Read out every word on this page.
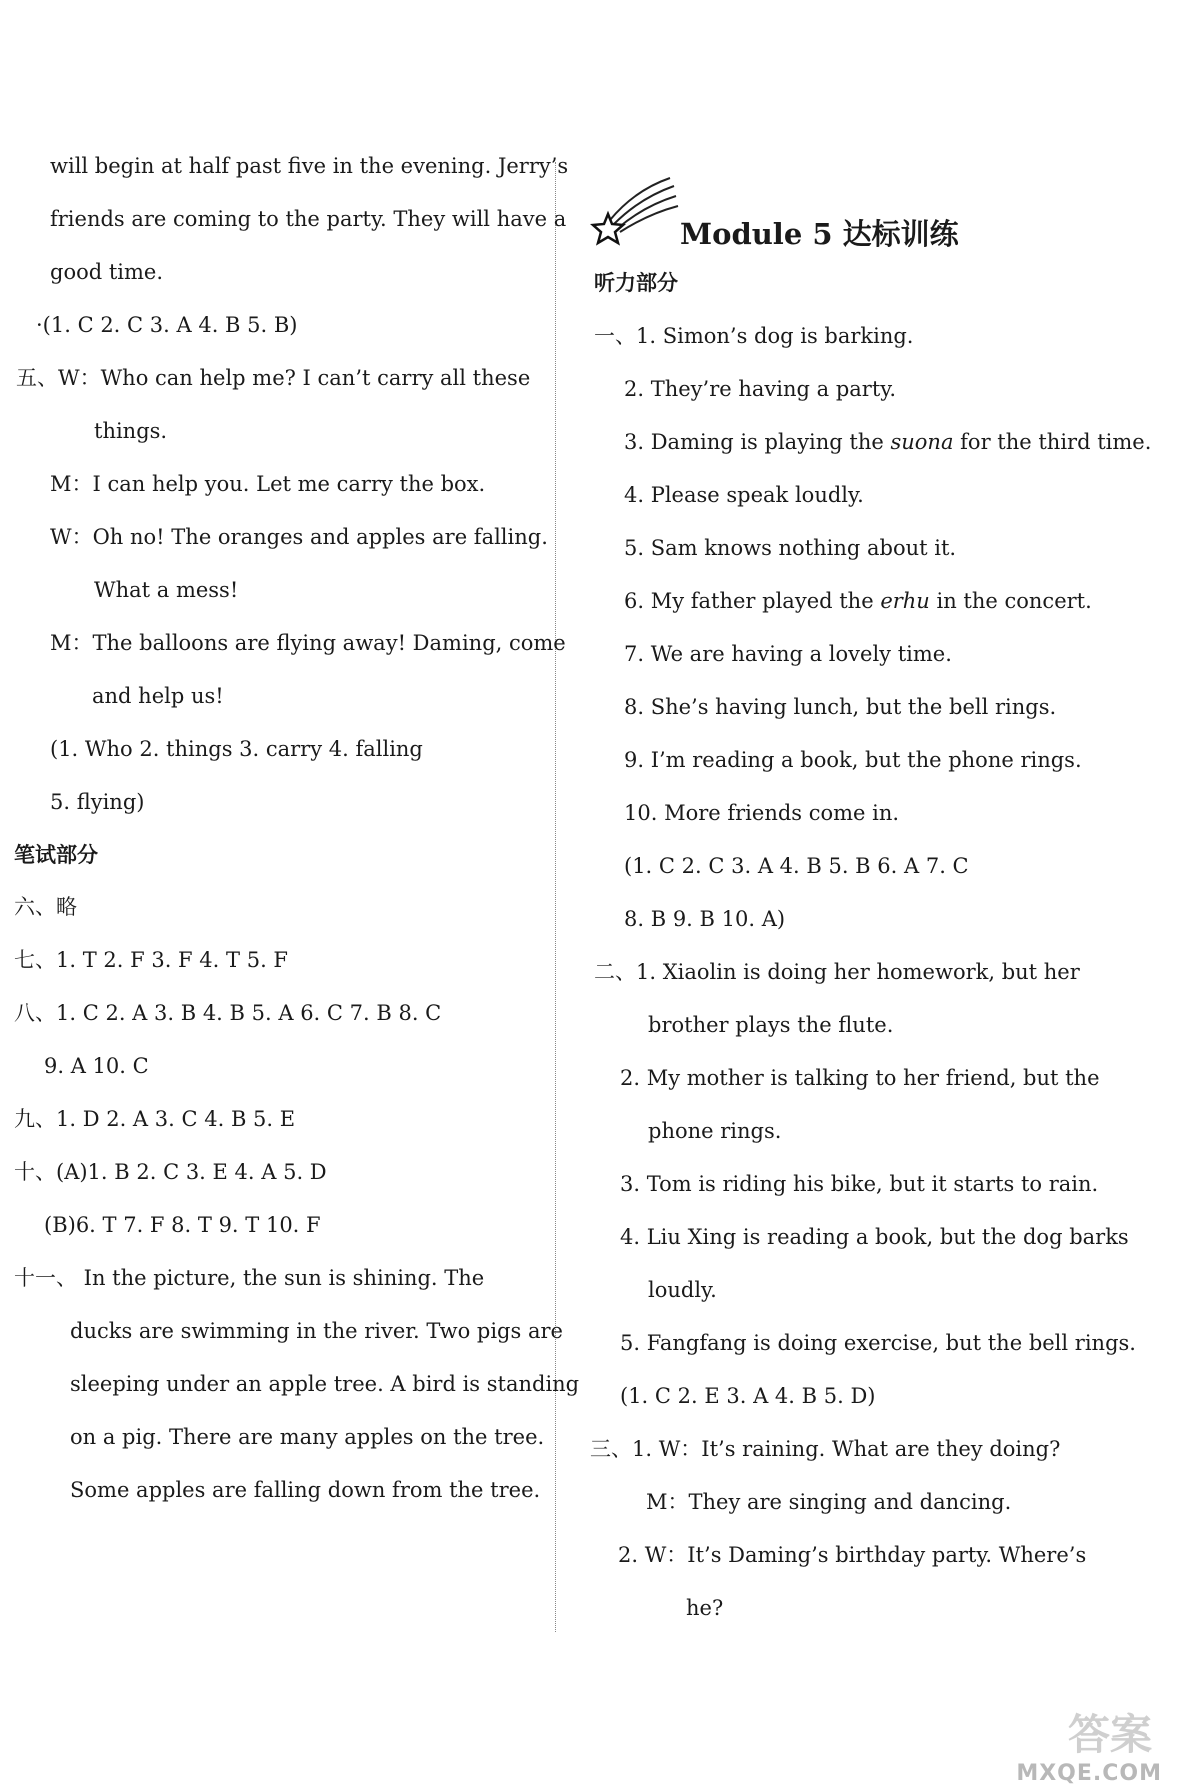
will begin at half past five in the evening. Jerry’s
friends are coming to the party. They will have a
good time.
·(1. C 2. C 3. A 4. B 5. B)
五、W：Who can help me? I can’t carry all these
things.
M：I can help you. Let me carry the box.
W：Oh no! The oranges and apples are falling.
What a mess!
M：The balloons are flying away! Daming, come
and help us!
(1. Who 2. things 3. carry 4. falling
5. flying)
笔试部分
六、略
七、1. T 2. F 3. F 4. T 5. F
八、1. C 2. A 3. B 4. B 5. A 6. C 7. B 8. C
9. A 10. C
九、1. D 2. A 3. C 4. B 5. E
十、(A)1. B 2. C 3. E 4. A 5. D
(B)6. T 7. F 8. T 9. T 10. F
十一、 In the picture, the sun is shining. The
ducks are swimming in the river. Two pigs are
sleeping under an apple tree. A bird is standing
on a pig. There are many apples on the tree.
Some apples are falling down from the tree.
Module 5 达标训练
听力部分
一、1. Simon’s dog is barking.
2. They’re having a party.
3. Daming is playing the suona for the third time.
4. Please speak loudly.
5. Sam knows nothing about it.
6. My father played the erhu in the concert.
7. We are having a lovely time.
8. She’s having lunch, but the bell rings.
9. I’m reading a book, but the phone rings.
10. More friends come in.
(1. C 2. C 3. A 4. B 5. B 6. A 7. C
8. B 9. B 10. A)
二、1. Xiaolin is doing her homework, but her
brother plays the flute.
2. My mother is talking to her friend, but the
phone rings.
3. Tom is riding his bike, but it starts to rain.
4. Liu Xing is reading a book, but the dog barks
loudly.
5. Fangfang is doing exercise, but the bell rings.
(1. C 2. E 3. A 4. B 5. D)
三、1. W：It’s raining. What are they doing?
M：They are singing and dancing.
2. W：It’s Daming’s birthday party. Where’s
he?
答案
MXQE.COM
